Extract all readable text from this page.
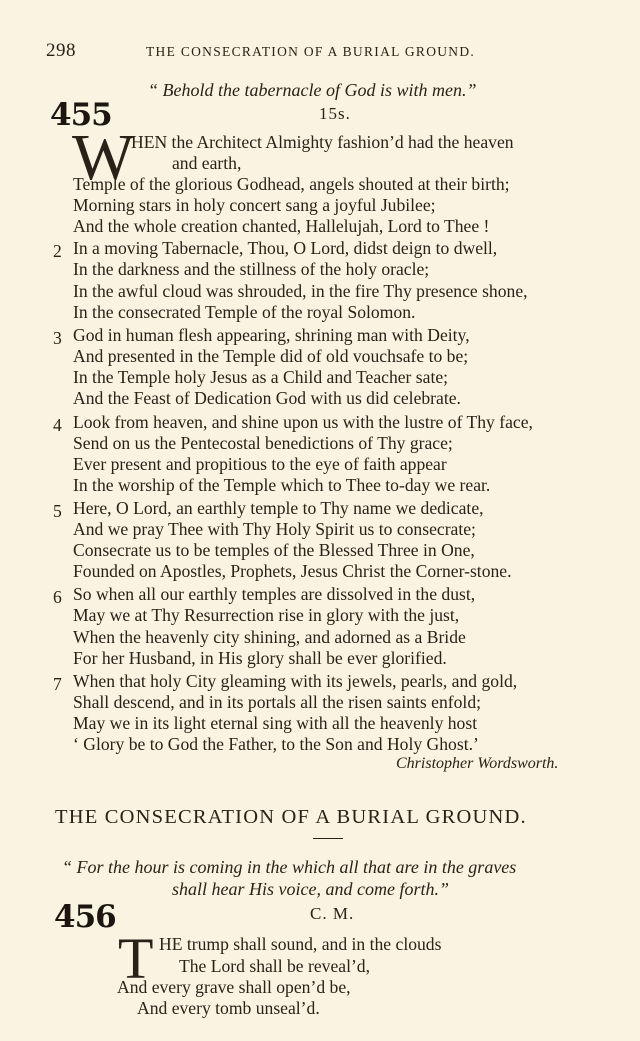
298	THE CONSECRATION OF A BURIAL GROUND.
“ Behold the tabernacle of God is with men.”
455	15s.
W
HEN the Architect Almighty fashion’d had the heaven
and earth,
Temple of the glorious Godhead, angels shouted at their birth;
Morning stars in holy concert sang a joyful Jubilee;
And the whole creation chanted, Hallelujah, Lord to Thee !
2 In a moving Tabernacle, Thou, O Lord, didst deign to dwell,
In the darkness and the stillness of the holy oracle;
In the awful cloud was shrouded, in the fire Thy presence shone,
In the consecrated Temple of the royal Solomon.
3 God in human flesh appearing, shrining man with Deity,
And presented in the Temple did of old vouchsafe to be;
In the Temple holy Jesus as a Child and Teacher sate;
And the Feast of Dedication God with us did celebrate.
4 Look from heaven, and shine upon us with the lustre of Thy face,
Send on us the Pentecostal benedictions of Thy grace;
Ever present and propitious to the eye of faith appear
In the worship of the Temple which to Thee to-day we rear.
5 Here, O Lord, an earthly temple to Thy name we dedicate,
And we pray Thee with Thy Holy Spirit us to consecrate;
Consecrate us to be temples of the Blessed Three in One,
Founded on Apostles, Prophets, Jesus Christ the Corner-stone.
6 So when all our earthly temples are dissolved in the dust,
May we at Thy Resurrection rise in glory with the just,
When the heavenly city shining, and adorned as a Bride
For her Husband, in His glory shall be ever glorified.
7 When that holy City gleaming with its jewels, pearls, and gold,
Shall descend, and in its portals all the risen saints enfold;
May we in its light eternal sing with all the heavenly host
‘ Glory be to God the Father, to the Son and Holy Ghost.’
Christopher Wordsworth.
THE CONSECRATION OF A BURIAL GROUND.
“ For the hour is coming in the which all that are in the graves
shall hear His voice, and come forth.”
456	C. M.
T HE trump shall sound, and in the clouds
The Lord shall be reveal’d,
And every grave shall open’d be,
And every tomb unseal’d.
